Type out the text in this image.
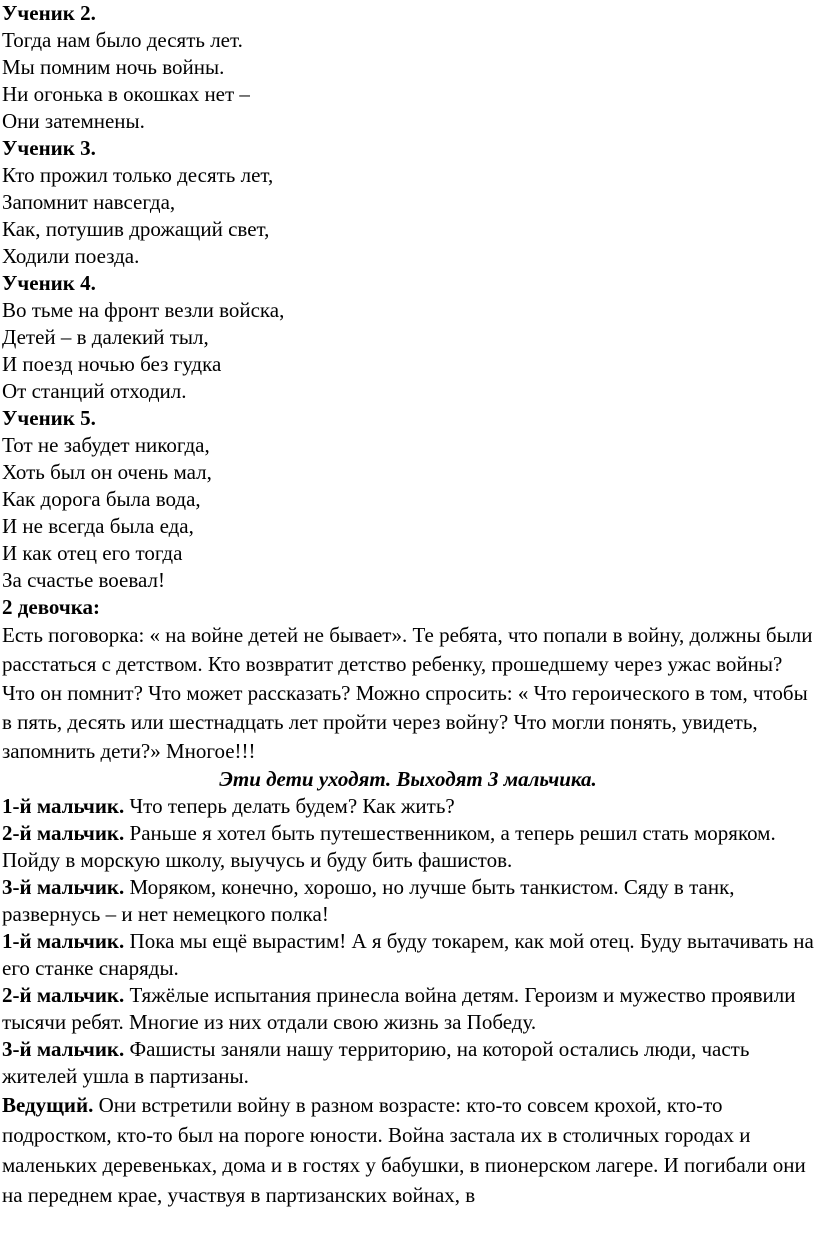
Ученик 2.
Тогда нам было десять лет.
Мы помним ночь войны.
Ни огонька в окошках нет –
Они затемнены.
Ученик 3.
Кто прожил только десять лет,
Запомнит навсегда,
Как, потушив дрожащий свет,
Ходили поезда.
Ученик 4.
Во тьме на фронт везли войска,
Детей – в далекий тыл,
И поезд ночью без гудка
От станций отходил.
Ученик 5.
Тот не забудет никогда,
Хоть был он очень мал,
Как дорога была вода,
И не всегда была еда,
И как отец его тогда
За счастье воевал!
2 девочка:
Есть поговорка: « на войне детей не бывает». Те ребята, что попали в войну, должны были расстаться с детством. Кто возвратит детство ребенку, прошедшему через ужас войны? Что он помнит? Что может рассказать? Можно спросить: « Что героического в том, чтобы в пять, десять или шестнадцать лет пройти через войну? Что могли понять, увидеть, запомнить дети?» Многое!!!
Эти дети уходят. Выходят 3 мальчика.
1-й мальчик. Что теперь делать будем? Как жить?
2-й мальчик. Раньше я хотел быть путешественником, а теперь решил стать моряком. Пойду в морскую школу, выучусь и буду бить фашистов.
3-й мальчик. Моряком, конечно, хорошо, но лучше быть танкистом. Сяду в танк, развернусь – и нет немецкого полка!
1-й мальчик. Пока мы ещё вырастим! А я буду токарем, как мой отец. Буду вытачивать на его станке снаряды.
2-й мальчик. Тяжёлые испытания принесла война детям. Героизм и мужество проявили тысячи ребят. Многие из них отдали свою жизнь за Победу.
3-й мальчик. Фашисты заняли нашу территорию, на которой остались люди, часть жителей ушла в партизаны.
Ведущий. Они встретили войну в разном возрасте: кто-то совсем крохой, кто-то подростком, кто-то был на пороге юности. Война застала их в столичных городах и маленьких деревеньках, дома и в гостях у бабушки, в пионерском лагере. И погибали они на переднем крае, участвуя в партизанских войнах, в
